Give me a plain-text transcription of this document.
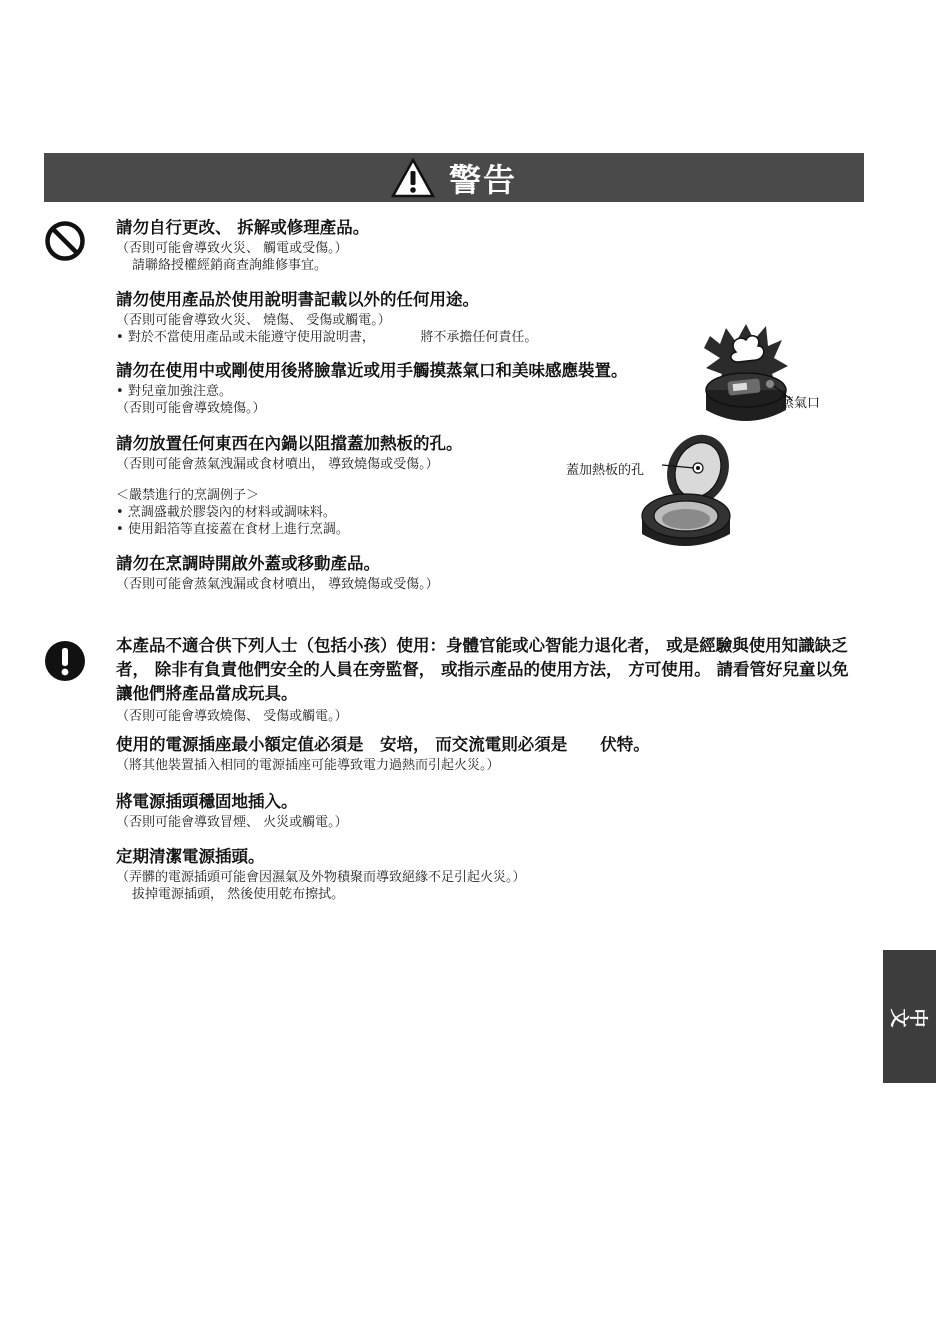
警告
請勿自行更改、 拆解或修理產品。

（否則可能會導致火災、 觸電或受傷。）

請聯絡授權經銷商查詢維修事宜。

請勿使用產品於使用說明書記載以外的任何用途。

（否則可能會導致火災、 燒傷、 受傷或觸電。）

• 對於不當使用產品或未能遵守使用說明書，　　　　將不承擔任何責任。

請勿在使用中或剛使用後將臉靠近或用手觸摸蒸氣口和美味感應裝置。

• 對兒童加強注意。

（否則可能會導致燒傷。）

請勿放置任何東西在內鍋以阻擋蓋加熱板的孔。

（否則可能會蒸氣洩漏或食材噴出， 導致燒傷或受傷。）

＜嚴禁進行的烹調例子＞

• 烹調盛載於膠袋內的材料或調味料。

• 使用鋁箔等直接蓋在食材上進行烹調。

請勿在烹調時開啟外蓋或移動產品。

（否則可能會蒸氣洩漏或食材噴出， 導致燒傷或受傷。）

蒸氣口
蓋加熱板的孔
本產品不適合供下列人士（包括小孩）使用：身體官能或心智能力退化者， 或是經驗與使用知識缺乏者， 除非有負責他們安全的人員在旁監督， 或指示產品的使用方法， 方可使用。 請看管好兒童以免讓他們將產品當成玩具。

（否則可能會導致燒傷、 受傷或觸電。）

使用的電源插座最小額定值必須是　安培， 而交流電則必須是　　伏特。

（將其他裝置插入相同的電源插座可能導致電力過熱而引起火災。）

將電源插頭穩固地插入。

（否則可能會導致冒煙、 火災或觸電。）

定期清潔電源插頭。

（弄髒的電源插頭可能會因濕氣及外物積聚而導致絕緣不足引起火災。）

拔掉電源插頭， 然後使用乾布擦拭。

中文
